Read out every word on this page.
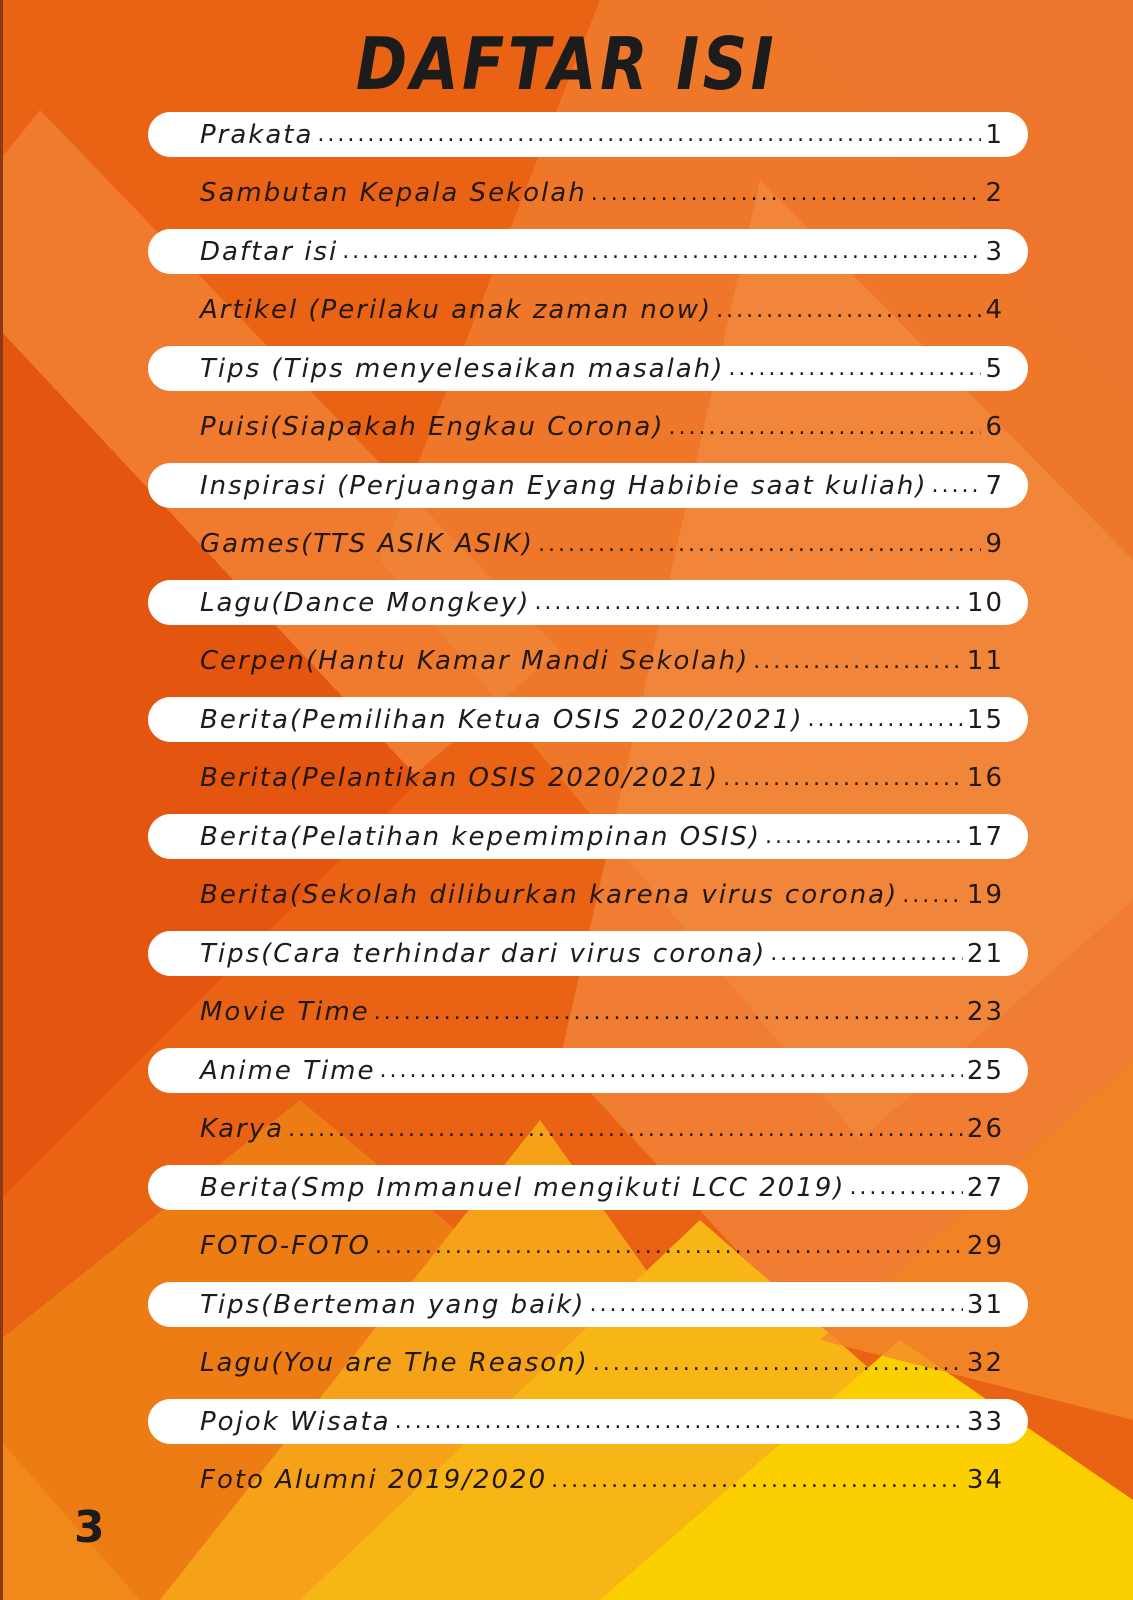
DAFTAR ISI
Prakata .....	1
Sambutan Kepala Sekolah .....	2
Daftar isi .....	3
Artikel (Perilaku anak zaman now) .....	4
Tips (Tips menyelesaikan masalah) .....	5
Puisi(Siapakah Engkau Corona) .....	6
Inspirasi (Perjuangan Eyang Habibie saat kuliah) ..... 7
Games(TTS ASIK ASIK) .....	9
Lagu(Dance Mongkey) .....	10
Cerpen(Hantu Kamar Mandi Sekolah) .....	11
Berita(Pemilihan Ketua OSIS 2020/2021) .....	15
Berita(Pelantikan OSIS 2020/2021) .....	16
Berita(Pelatihan kepemimpinan OSIS) .....	17
Berita(Sekolah diliburkan karena virus corona) .....	19
Tips(Cara terhindar dari virus corona) .....	21
Movie Time .....	23
Anime Time .....	25
Karya .....	26
Berita(Smp Immanuel mengikuti LCC 2019) .....	27
FOTO-FOTO .....	29
Tips(Berteman yang baik) .....	31
Lagu(You are The Reason) .....	32
Pojok Wisata .....	33
Foto Alumni 2019/2020 .....	34
3
